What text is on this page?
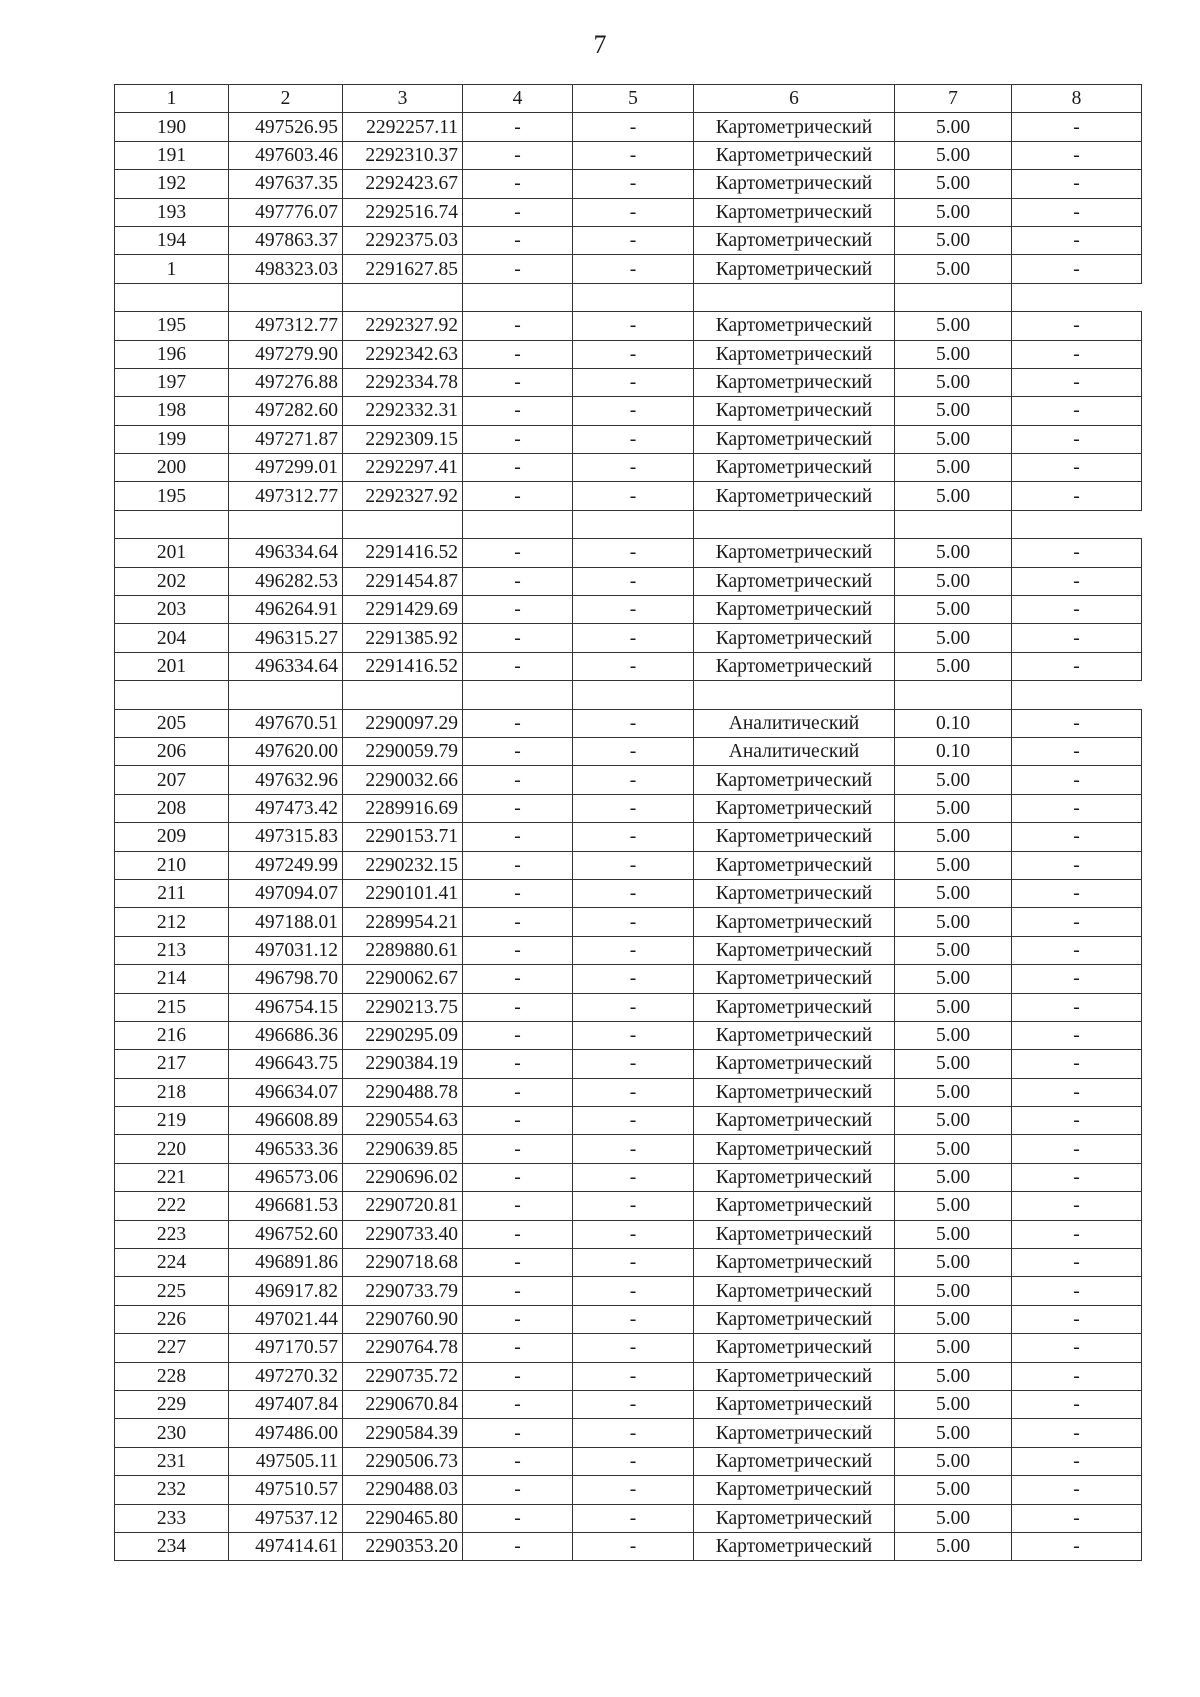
7
1	2	3	4	5	6	7	8
190	497526.95	2292257.11	-	-	Картометрический	5.00	-
191	497603.46	2292310.37	-	-	Картометрический	5.00	-
192	497637.35	2292423.67	-	-	Картометрический	5.00	-
193	497776.07	2292516.74	-	-	Картометрический	5.00	-
194	497863.37	2292375.03	-	-	Картометрический	5.00	-
1	498323.03	2291627.85	-	-	Картометрический	5.00	-

195	497312.77	2292327.92	-	-	Картометрический	5.00	-
196	497279.90	2292342.63	-	-	Картометрический	5.00	-
197	497276.88	2292334.78	-	-	Картометрический	5.00	-
198	497282.60	2292332.31	-	-	Картометрический	5.00	-
199	497271.87	2292309.15	-	-	Картометрический	5.00	-
200	497299.01	2292297.41	-	-	Картометрический	5.00	-
195	497312.77	2292327.92	-	-	Картометрический	5.00	-

201	496334.64	2291416.52	-	-	Картометрический	5.00	-
202	496282.53	2291454.87	-	-	Картометрический	5.00	-
203	496264.91	2291429.69	-	-	Картометрический	5.00	-
204	496315.27	2291385.92	-	-	Картометрический	5.00	-
201	496334.64	2291416.52	-	-	Картометрический	5.00	-

205	497670.51	2290097.29	-	-	Аналитический	0.10	-
206	497620.00	2290059.79	-	-	Аналитический	0.10	-
207	497632.96	2290032.66	-	-	Картометрический	5.00	-
208	497473.42	2289916.69	-	-	Картометрический	5.00	-
209	497315.83	2290153.71	-	-	Картометрический	5.00	-
210	497249.99	2290232.15	-	-	Картометрический	5.00	-
211	497094.07	2290101.41	-	-	Картометрический	5.00	-
212	497188.01	2289954.21	-	-	Картометрический	5.00	-
213	497031.12	2289880.61	-	-	Картометрический	5.00	-
214	496798.70	2290062.67	-	-	Картометрический	5.00	-
215	496754.15	2290213.75	-	-	Картометрический	5.00	-
216	496686.36	2290295.09	-	-	Картометрический	5.00	-
217	496643.75	2290384.19	-	-	Картометрический	5.00	-
218	496634.07	2290488.78	-	-	Картометрический	5.00	-
219	496608.89	2290554.63	-	-	Картометрический	5.00	-
220	496533.36	2290639.85	-	-	Картометрический	5.00	-
221	496573.06	2290696.02	-	-	Картометрический	5.00	-
222	496681.53	2290720.81	-	-	Картометрический	5.00	-
223	496752.60	2290733.40	-	-	Картометрический	5.00	-
224	496891.86	2290718.68	-	-	Картометрический	5.00	-
225	496917.82	2290733.79	-	-	Картометрический	5.00	-
226	497021.44	2290760.90	-	-	Картометрический	5.00	-
227	497170.57	2290764.78	-	-	Картометрический	5.00	-
228	497270.32	2290735.72	-	-	Картометрический	5.00	-
229	497407.84	2290670.84	-	-	Картометрический	5.00	-
230	497486.00	2290584.39	-	-	Картометрический	5.00	-
231	497505.11	2290506.73	-	-	Картометрический	5.00	-
232	497510.57	2290488.03	-	-	Картометрический	5.00	-
233	497537.12	2290465.80	-	-	Картометрический	5.00	-
234	497414.61	2290353.20	-	-	Картометрический	5.00	-
